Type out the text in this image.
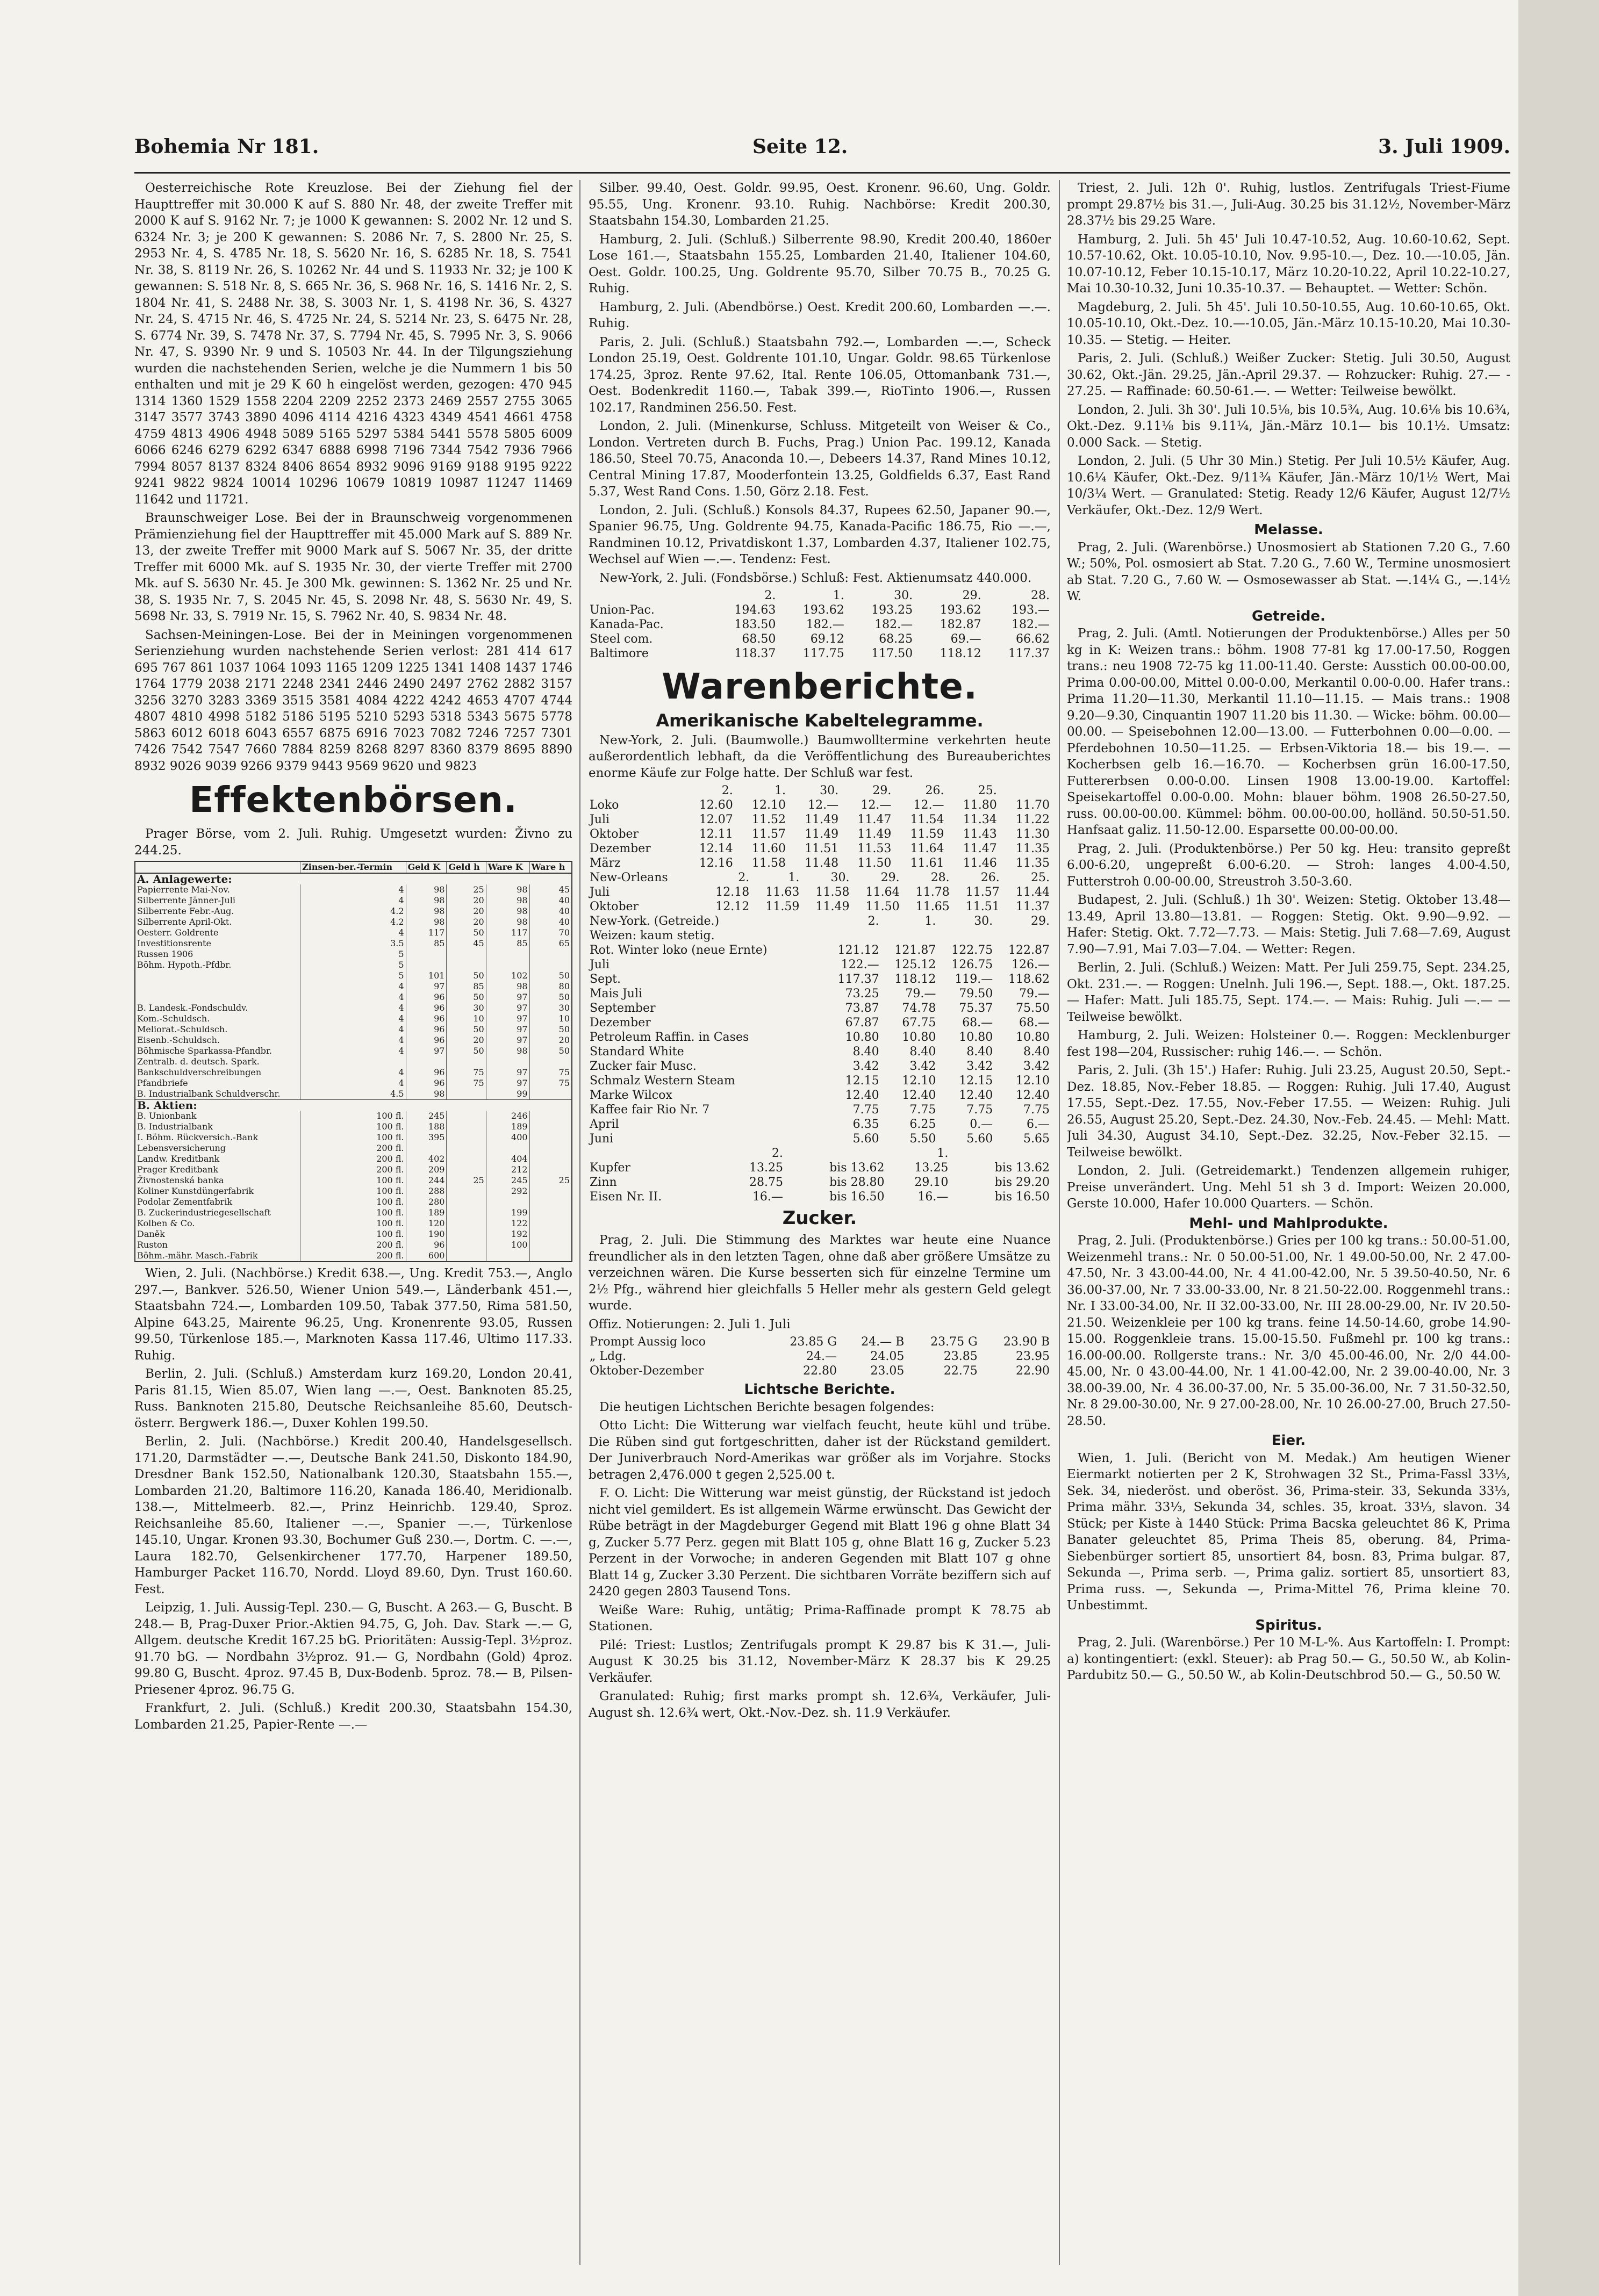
Bohemia Nr 181.	Seite 12.	3. Juli 1909.

Oesterreichische Rote Kreuzlose. Bei der Ziehung fiel der Haupttreffer mit 30.000 K auf S. 880 Nr. 48, der zweite Treffer mit 2000 K auf S. 9162 Nr. 7; je 1000 K gewannen: S. 2002 Nr. 12 und S. 6324 Nr. 3; je 200 K gewannen: S. 2086 Nr. 7, S. 2800 Nr. 25, S. 2953 Nr. 4, S. 4785 Nr. 18, S. 5620 Nr. 16, S. 6285 Nr. 18, S. 7541 Nr. 38, S. 8119 Nr. 26, S. 10262 Nr. 44 und S. 11933 Nr. 32; je 100 K gewannen: S. 518 Nr. 8, S. 665 Nr. 36, S. 968 Nr. 16, S. 1416 Nr. 2, S. 1804 Nr. 41, S. 2488 Nr. 38, S. 3003 Nr. 1, S. 4198 Nr. 36, S. 4327 Nr. 24, S. 4715 Nr. 46, S. 4725 Nr. 24, S. 5214 Nr. 23, S. 6475 Nr. 28, S. 6774 Nr. 39, S. 7478 Nr. 37, S. 7794 Nr. 45, S. 7995 Nr. 3, S. 9066 Nr. 47, S. 9390 Nr. 9 und S. 10503 Nr. 44. In der Tilgungsziehung wurden die nachstehenden Serien, welche je die Nummern 1 bis 50 enthalten und mit je 29 K 60 h eingelöst werden, gezogen: 470 945 1314 1360 1529 1558 2204 2209 2252 2373 2469 2557 2755 3065 3147 3577 3743 3890 4096 4114 4216 4323 4349 4541 4661 4758 4759 4813 4906 4948 5089 5165 5297 5384 5441 5578 5805 6009 6066 6246 6279 6292 6347 6888 6998 7196 7344 7542 7936 7966 7994 8057 8137 8324 8406 8654 8932 9096 9169 9188 9195 9222 9241 9822 9824 10014 10296 10679 10819 10987 11247 11469 11642 und 11721.

Braunschweiger Lose. Bei der in Braunschweig vorgenommenen Prämienziehung fiel der Haupttreffer mit 45.000 Mark auf S. 889 Nr. 13, der zweite Treffer mit 9000 Mark auf S. 5067 Nr. 35, der dritte Treffer mit 6000 Mk. auf S. 1935 Nr. 30, der vierte Treffer mit 2700 Mk. auf S. 5630 Nr. 45. Je 300 Mk. gewinnen: S. 1362 Nr. 25 und Nr. 38, S. 1935 Nr. 7, S. 2045 Nr. 45, S. 2098 Nr. 48, S. 5630 Nr. 49, S. 5698 Nr. 33, S. 7919 Nr. 15, S. 7962 Nr. 40, S. 9834 Nr. 48.

Sachsen-Meiningen-Lose. Bei der in Meiningen vorgenommenen Serienziehung wurden nachstehende Serien verlost: 281 414 617 695 767 861 1037 1064 1093 1165 1209 1225 1341 1408 1437 1746 1764 1779 2038 2171 2248 2341 2446 2490 2497 2762 2882 3157 3256 3270 3283 3369 3515 3581 4084 4222 4242 4653 4707 4744 4807 4810 4998 5182 5186 5195 5210 5293 5318 5343 5675 5778 5863 6012 6018 6043 6557 6875 6916 7023 7082 7246 7257 7301 7426 7542 7547 7660 7884 8259 8268 8297 8360 8379 8695 8890 8932 9026 9039 9266 9379 9443 9569 9620 und 9823

Effektenbörsen.

Prager Börse, vom 2. Juli. Ruhig. Umgesetzt wurden: Živno zu 244.25.

	Zinsen-ber.-Termin	Geld K	Geld h	Ware K	Ware h
A. Anlagewerte:					
Papierrente Mai-Nov.	4	98	25	98	45
Silberrente Jänner-Juli	4	98	20	98	40
Silberrente Febr.-Aug.	4.2	98	20	98	40
Silberrente April-Okt.	4.2	98	20	98	40
Oesterr. Goldrente	4	117	50	117	70
Investitionsrente	3.5	85	45	85	65
Russen 1906	5				
Böhm. Hypoth.-Pfdbr.	5				
	5	101	50	102	50
	4	97	85	98	80
	4	96	50	97	50
B. Landesk.-Fondschuldv.	4	96	30	97	30
Kom.-Schuldsch.	4	96	10	97	10
Meliorat.-Schuldsch.	4	96	50	97	50
Eisenb.-Schuldsch.	4	96	20	97	20
Böhmische Sparkassa-Pfandbr.	4	97	50	98	50
Zentralb. d. deutsch. Spark.					
Bankschuldverschreibungen	4	96	75	97	75
Pfandbriefe	4	96	75	97	75
B. Industrialbank Schuldverschr.	4.5	98		99	
B. Aktien:					
B. Unionbank	100 fl.	245		246	
B. Industrialbank	100 fl.	188		189	
I. Böhm. Rückversich.-Bank	100 fl.	395		400	
Lebensversicherung	200 fl.				
Landw. Kreditbank	200 fl.	402		404	
Prager Kreditbank	200 fl.	209		212	
Živnostenská banka	100 fl.	244	25	245	25
Koliner Kunstdüngerfabrik	100 fl.	288		292	
Podolar Zementfabrik	100 fl.	280			
B. Zuckerindustriegesellschaft	100 fl.	189		199	
Kolben & Co.	100 fl.	120		122	
Daněk	100 fl.	190		192	
Ruston	200 fl.	96		100	
Böhm.-mähr. Masch.-Fabrik	200 fl.	600			

Wien, 2. Juli. (Nachbörse.) Kredit 638.—, Ung. Kredit 753.—, Anglo 297.—, Bankver. 526.50, Wiener Union 549.—, Länderbank 451.—, Staatsbahn 724.—, Lombarden 109.50, Tabak 377.50, Rima 581.50, Alpine 643.25, Mairente 96.25, Ung. Kronenrente 93.05, Russen 99.50, Türkenlose 185.—, Marknoten Kassa 117.46, Ultimo 117.33. Ruhig.

Berlin, 2. Juli. (Schluß.) Amsterdam kurz 169.20, London 20.41, Paris 81.15, Wien 85.07, Wien lang —.—, Oest. Banknoten 85.25, Russ. Banknoten 215.80, Deutsche Reichsanleihe 85.60, Deutsch-österr. Bergwerk 186.—, Duxer Kohlen 199.50.

Berlin, 2. Juli. (Nachbörse.) Kredit 200.40, Handelsgesellsch. 171.20, Darmstädter —.—, Deutsche Bank 241.50, Diskonto 184.90, Dresdner Bank 152.50, Nationalbank 120.30, Staatsbahn 155.—, Lombarden 21.20, Baltimore 116.20, Kanada 186.40, Meridionalb. 138.—, Mittelmeerb. 82.—, Prinz Heinrichb. 129.40, Sproz. Reichsanleihe 85.60, Italiener —.—, Spanier —.—, Türkenlose 145.10, Ungar. Kronen 93.30, Bochumer Guß 230.—, Dortm. C. —.—, Laura 182.70, Gelsenkirchener 177.70, Harpener 189.50, Hamburger Packet 116.70, Nordd. Lloyd 89.60, Dyn. Trust 160.60. Fest.

Leipzig, 1. Juli. Aussig-Tepl. 230.— G, Buscht. A 263.— G, Buscht. B 248.— B, Prag-Duxer Prior.-Aktien 94.75, G, Joh. Dav. Stark —.— G, Allgem. deutsche Kredit 167.25 bG. Prioritäten: Aussig-Tepl. 3½proz. 91.70 bG. — Nordbahn 3½proz. 91.— G, Nordbahn (Gold) 4proz. 99.80 G, Buscht. 4proz. 97.45 B, Dux-Bodenb. 5proz. 78.— B, Pilsen-Priesener 4proz. 96.75 G.

Frankfurt, 2. Juli. (Schluß.) Kredit 200.30, Staatsbahn 154.30, Lombarden 21.25, Papier-Rente —.—

Silber. 99.40, Oest. Goldr. 99.95, Oest. Kronenr. 96.60, Ung. Goldr. 95.55, Ung. Kronenr. 93.10. Ruhig. Nachbörse: Kredit 200.30, Staatsbahn 154.30, Lombarden 21.25.

Hamburg, 2. Juli. (Schluß.) Silberrente 98.90, Kredit 200.40, 1860er Lose 161.—, Staatsbahn 155.25, Lombarden 21.40, Italiener 104.60, Oest. Goldr. 100.25, Ung. Goldrente 95.70, Silber 70.75 B., 70.25 G. Ruhig.

Hamburg, 2. Juli. (Abendbörse.) Oest. Kredit 200.60, Lombarden —.—. Ruhig.

Paris, 2. Juli. (Schluß.) Staatsbahn 792.—, Lombarden —.—, Scheck London 25.19, Oest. Goldrente 101.10, Ungar. Goldr. 98.65 Türkenlose 174.25, 3proz. Rente 97.62, Ital. Rente 106.05, Ottomanbank 731.—, Oest. Bodenkredit 1160.—, Tabak 399.—, RioTinto 1906.—, Russen 102.17, Randminen 256.50. Fest.

London, 2. Juli. (Minenkurse, Schluss. Mitgeteilt von Weiser & Co., London. Vertreten durch B. Fuchs, Prag.) Union Pac. 199.12, Kanada 186.50, Steel 70.75, Anaconda 10.—, Debeers 14.37, Rand Mines 10.12, Central Mining 17.87, Mooderfontein 13.25, Goldfields 6.37, East Rand 5.37, West Rand Cons. 1.50, Görz 2.18. Fest.

London, 2. Juli. (Schluß.) Konsols 84.37, Rupees 62.50, Japaner 90.—, Spanier 96.75, Ung. Goldrente 94.75, Kanada-Pacific 186.75, Rio —.—, Randminen 10.12, Privatdiskont 1.37, Lombarden 4.37, Italiener 102.75, Wechsel auf Wien —.—. Tendenz: Fest.

New-York, 2. Juli. (Fondsbörse.) Schluß: Fest. Aktienumsatz 440.000.

	2.	1.	30.	29.	28.
Union-Pac.	194.63	193.62	193.25	193.62	193.—
Kanada-Pac.	183.50	182.—	182.—	182.87	182.—
Steel com.	68.50	69.12	68.25	69.—	66.62
Baltimore	118.37	117.75	117.50	118.12	117.37
Warenberichte.
Amerikanische Kabeltelegramme.

New-York, 2. Juli. (Baumwolle.) Baumwolltermine verkehrten heute außerordentlich lebhaft, da die Veröffentlichung des Bureauberichtes enorme Käufe zur Folge hatte. Der Schluß war fest.

	2.	1.	30.	29.	26.	25.	
Loko	12.60	12.10	12.—	12.—	12.—	11.80	11.70
Juli	12.07	11.52	11.49	11.47	11.54	11.34	11.22
Oktober	12.11	11.57	11.49	11.49	11.59	11.43	11.30
Dezember	12.14	11.60	11.51	11.53	11.64	11.47	11.35
März	12.16	11.58	11.48	11.50	11.61	11.46	11.35
New-Orleans	2.	1.	30.	29.	28.	26.	25.
Juli	12.18	11.63	11.58	11.64	11.78	11.57	11.44
Oktober	12.12	11.59	11.49	11.50	11.65	11.51	11.37
New-York. (Getreide.)	2.	1.	30.	29.
Weizen: kaum stetig.				
Rot. Winter loko (neue Ernte)	121.12	121.87	122.75	122.87
Juli	122.—	125.12	126.75	126.—
Sept.	117.37	118.12	119.—	118.62
Mais Juli	73.25	79.—	79.50	79.—
September	73.87	74.78	75.37	75.50
Dezember	67.87	67.75	68.—	68.—
Petroleum Raffin. in Cases	10.80	10.80	10.80	10.80
Standard White	8.40	8.40	8.40	8.40
Zucker fair Musc.	3.42	3.42	3.42	3.42
Schmalz Western Steam	12.15	12.10	12.15	12.10
Marke Wilcox	12.40	12.40	12.40	12.40
Kaffee fair Rio Nr. 7	7.75	7.75	7.75	7.75
April	6.35	6.25	0.—	6.—
Juni	5.60	5.50	5.60	5.65
	2.		1.	
Kupfer	13.25	bis 13.62	13.25	bis 13.62
Zinn	28.75	bis 28.80	29.10	bis 29.20
Eisen Nr. II.	16.—	bis 16.50	16.—	bis 16.50
Zucker.

Prag, 2. Juli. Die Stimmung des Marktes war heute eine Nuance freundlicher als in den letzten Tagen, ohne daß aber größere Umsätze zu verzeichnen wären. Die Kurse besserten sich für einzelne Termine um 2½ Pfg., während hier gleichfalls 5 Heller mehr als gestern Geld gelegt wurde.

Offiz. Notierungen: 2. Juli 1. Juli

Prompt Aussig loco	23.85 G	24.— B	23.75 G	23.90 B
„ Ldg.	24.—	24.05	23.85	23.95
Oktober-Dezember	22.80	23.05	22.75	22.90
Lichtsche Berichte.

Die heutigen Lichtschen Berichte besagen folgendes:

Otto Licht: Die Witterung war vielfach feucht, heute kühl und trübe. Die Rüben sind gut fortgeschritten, daher ist der Rückstand gemildert. Der Juniverbrauch Nord-Amerikas war größer als im Vorjahre. Stocks betragen 2,476.000 t gegen 2,525.00 t.

F. O. Licht: Die Witterung war meist günstig, der Rückstand ist jedoch nicht viel gemildert. Es ist allgemein Wärme erwünscht. Das Gewicht der Rübe beträgt in der Magdeburger Gegend mit Blatt 196 g ohne Blatt 34 g, Zucker 5.77 Perz. gegen mit Blatt 105 g, ohne Blatt 16 g, Zucker 5.23 Perzent in der Vorwoche; in anderen Gegenden mit Blatt 107 g ohne Blatt 14 g, Zucker 3.30 Perzent. Die sichtbaren Vorräte beziffern sich auf 2420 gegen 2803 Tausend Tons.

Weiße Ware: Ruhig, untätig; Prima-Raffinade prompt K 78.75 ab Stationen.

Pilé: Triest: Lustlos; Zentrifugals prompt K 29.87 bis K 31.—, Juli-August K 30.25 bis 31.12, November-März K 28.37 bis K 29.25 Verkäufer.

Granulated: Ruhig; first marks prompt sh. 12.6¾, Verkäufer, Juli-August sh. 12.6¾ wert, Okt.-Nov.-Dez. sh. 11.9 Verkäufer.

Triest, 2. Juli. 12h 0'. Ruhig, lustlos. Zentrifugals Triest-Fiume prompt 29.87½ bis 31.—, Juli-Aug. 30.25 bis 31.12½, November-März 28.37½ bis 29.25 Ware.

Hamburg, 2. Juli. 5h 45' Juli 10.47-10.52, Aug. 10.60-10.62, Sept. 10.57-10.62, Okt. 10.05-10.10, Nov. 9.95-10.—, Dez. 10.—-10.05, Jän. 10.07-10.12, Feber 10.15-10.17, März 10.20-10.22, April 10.22-10.27, Mai 10.30-10.32, Juni 10.35-10.37. — Behauptet. — Wetter: Schön.

Magdeburg, 2. Juli. 5h 45'. Juli 10.50-10.55, Aug. 10.60-10.65, Okt. 10.05-10.10, Okt.-Dez. 10.—-10.05, Jän.-März 10.15-10.20, Mai 10.30-10.35. — Stetig. — Heiter.

Paris, 2. Juli. (Schluß.) Weißer Zucker: Stetig. Juli 30.50, August 30.62, Okt.-Jän. 29.25, Jän.-April 29.37. — Rohzucker: Ruhig. 27.— - 27.25. — Raffinade: 60.50-61.—. — Wetter: Teilweise bewölkt.

London, 2. Juli. 3h 30'. Juli 10.5⅛, bis 10.5¾, Aug. 10.6⅛ bis 10.6¾, Okt.-Dez. 9.11⅛ bis 9.11¼, Jän.-März 10.1— bis 10.1½. Umsatz: 0.000 Sack. — Stetig.

London, 2. Juli. (5 Uhr 30 Min.) Stetig. Per Juli 10.5½ Käufer, Aug. 10.6¼ Käufer, Okt.-Dez. 9/11¾ Käufer, Jän.-März 10/1½ Wert, Mai 10/3¼ Wert. — Granulated: Stetig. Ready 12/6 Käufer, August 12/7½ Verkäufer, Okt.-Dez. 12/9 Wert.

Melasse.

Prag, 2. Juli. (Warenbörse.) Unosmosiert ab Stationen 7.20 G., 7.60 W.; 50%, Pol. osmosiert ab Stat. 7.20 G., 7.60 W., Termine unosmosiert ab Stat. 7.20 G., 7.60 W. — Osmosewasser ab Stat. —.14¼ G., —.14½ W.

Getreide.

Prag, 2. Juli. (Amtl. Notierungen der Produktenbörse.) Alles per 50 kg in K: Weizen trans.: böhm. 1908 77-81 kg 17.00-17.50, Roggen trans.: neu 1908 72-75 kg 11.00-11.40. Gerste: Ausstich 00.00-00.00, Prima 0.00-00.00, Mittel 0.00-0.00, Merkantil 0.00-0.00. Hafer trans.: Prima 11.20—11.30, Merkantil 11.10—11.15. — Mais trans.: 1908 9.20—9.30, Cinquantin 1907 11.20 bis 11.30. — Wicke: böhm. 00.00—00.00. — Speisebohnen 12.00—13.00. — Futterbohnen 0.00—0.00. — Pferdebohnen 10.50—11.25. — Erbsen-Viktoria 18.— bis 19.—. — Kocherbsen gelb 16.—16.70. — Kocherbsen grün 16.00-17.50, Futtererbsen 0.00-0.00. Linsen 1908 13.00-19.00. Kartoffel: Speisekartoffel 0.00-0.00. Mohn: blauer böhm. 1908 26.50-27.50, russ. 00.00-00.00. Kümmel: böhm. 00.00-00.00, holländ. 50.50-51.50. Hanfsaat galiz. 11.50-12.00. Esparsette 00.00-00.00.

Prag, 2. Juli. (Produktenbörse.) Per 50 kg. Heu: transito gepreßt 6.00-6.20, ungepreßt 6.00-6.20. — Stroh: langes 4.00-4.50, Futterstroh 0.00-00.00, Streustroh 3.50-3.60.

Budapest, 2. Juli. (Schluß.) 1h 30'. Weizen: Stetig. Oktober 13.48—13.49, April 13.80—13.81. — Roggen: Stetig. Okt. 9.90—9.92. — Hafer: Stetig. Okt. 7.72—7.73. — Mais: Stetig. Juli 7.68—7.69, August 7.90—7.91, Mai 7.03—7.04. — Wetter: Regen.

Berlin, 2. Juli. (Schluß.) Weizen: Matt. Per Juli 259.75, Sept. 234.25, Okt. 231.—. — Roggen: Unelnh. Juli 196.—, Sept. 188.—, Okt. 187.25. — Hafer: Matt. Juli 185.75, Sept. 174.—. — Mais: Ruhig. Juli —.— — Teilweise bewölkt.

Hamburg, 2. Juli. Weizen: Holsteiner 0.—. Roggen: Mecklenburger fest 198—204, Russischer: ruhig 146.—. — Schön.

Paris, 2. Juli. (3h 15'.) Hafer: Ruhig. Juli 23.25, August 20.50, Sept.-Dez. 18.85, Nov.-Feber 18.85. — Roggen: Ruhig. Juli 17.40, August 17.55, Sept.-Dez. 17.55, Nov.-Feber 17.55. — Weizen: Ruhig. Juli 26.55, August 25.20, Sept.-Dez. 24.30, Nov.-Feb. 24.45. — Mehl: Matt. Juli 34.30, August 34.10, Sept.-Dez. 32.25, Nov.-Feber 32.15. — Teilweise bewölkt.

London, 2. Juli. (Getreidemarkt.) Tendenzen allgemein ruhiger, Preise unverändert. Ung. Mehl 51 sh 3 d. Import: Weizen 20.000, Gerste 10.000, Hafer 10.000 Quarters. — Schön.

Mehl- und Mahlprodukte.

Prag, 2. Juli. (Produktenbörse.) Gries per 100 kg trans.: 50.00-51.00, Weizenmehl trans.: Nr. 0 50.00-51.00, Nr. 1 49.00-50.00, Nr. 2 47.00-47.50, Nr. 3 43.00-44.00, Nr. 4 41.00-42.00, Nr. 5 39.50-40.50, Nr. 6 36.00-37.00, Nr. 7 33.00-33.00, Nr. 8 21.50-22.00. Roggenmehl trans.: Nr. I 33.00-34.00, Nr. II 32.00-33.00, Nr. III 28.00-29.00, Nr. IV 20.50-21.50. Weizenkleie per 100 kg trans. feine 14.50-14.60, grobe 14.90-15.00. Roggenkleie trans. 15.00-15.50. Fußmehl pr. 100 kg trans.: 16.00-00.00. Rollgerste trans.: Nr. 3/0 45.00-46.00, Nr. 2/0 44.00-45.00, Nr. 0 43.00-44.00, Nr. 1 41.00-42.00, Nr. 2 39.00-40.00, Nr. 3 38.00-39.00, Nr. 4 36.00-37.00, Nr. 5 35.00-36.00, Nr. 7 31.50-32.50, Nr. 8 29.00-30.00, Nr. 9 27.00-28.00, Nr. 10 26.00-27.00, Bruch 27.50-28.50.

Eier.

Wien, 1. Juli. (Bericht von M. Medak.) Am heutigen Wiener Eiermarkt notierten per 2 K, Strohwagen 32 St., Prima-Fassl 33⅓, Sek. 34, niederöst. und oberöst. 36, Prima-steir. 33, Sekunda 33⅓, Prima mähr. 33⅓, Sekunda 34, schles. 35, kroat. 33⅓, slavon. 34 Stück; per Kiste à 1440 Stück: Prima Bacska geleuchtet 86 K, Prima Banater geleuchtet 85, Prima Theis 85, oberung. 84, Prima-Siebenbürger sortiert 85, unsortiert 84, bosn. 83, Prima bulgar. 87, Sekunda —, Prima serb. —, Prima galiz. sortiert 85, unsortiert 83, Prima russ. —, Sekunda —, Prima-Mittel 76, Prima kleine 70. Unbestimmt.

Spiritus.

Prag, 2. Juli. (Warenbörse.) Per 10 M-L-%. Aus Kartoffeln: I. Prompt: a) kontingentiert: (exkl. Steuer): ab Prag 50.— G., 50.50 W., ab Kolin-Pardubitz 50.— G., 50.50 W., ab Kolin-Deutschbrod 50.— G., 50.50 W.
